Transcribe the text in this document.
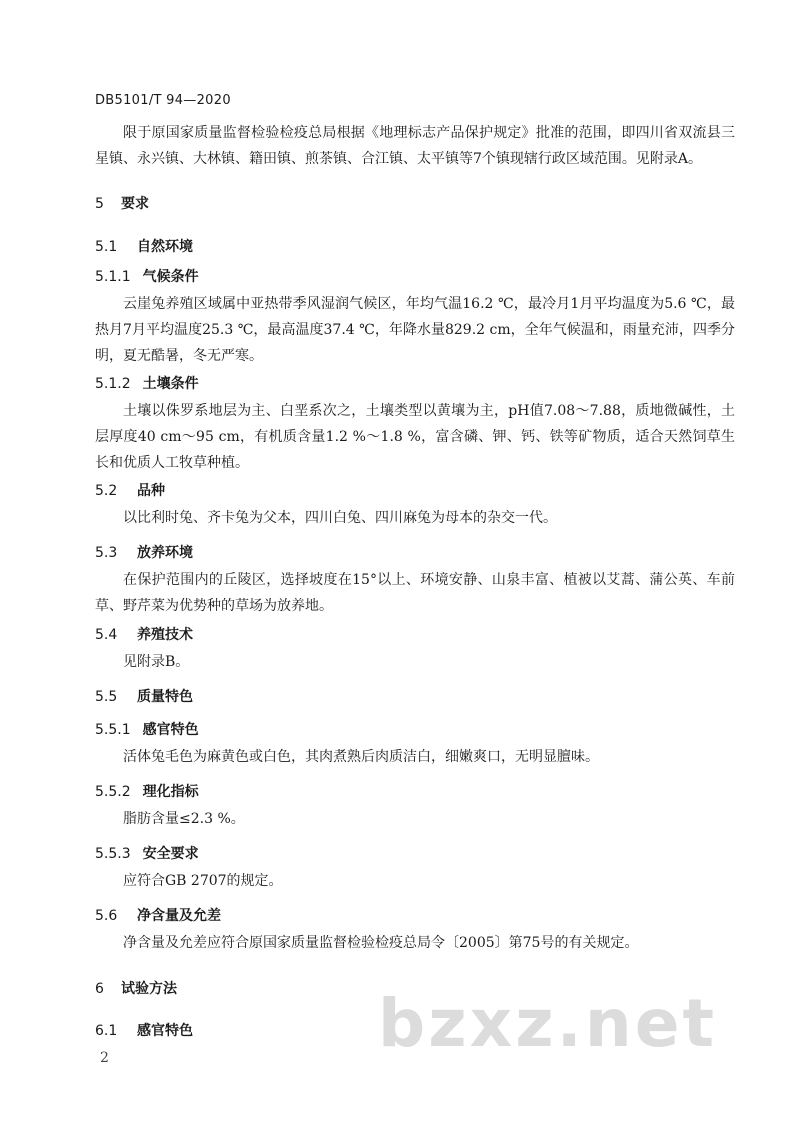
DB5101/T 94—2020
限于原国家质量监督检验检疫总局根据《地理标志产品保护规定》批准的范围，即四川省双流县三星镇、永兴镇、大林镇、籍田镇、煎茶镇、合江镇、太平镇等7个镇现辖行政区域范围。见附录A。
5 要求
5.1 自然环境
5.1.1 气候条件
云崖兔养殖区域属中亚热带季风湿润气候区，年均气温16.2 ℃，最冷月1月平均温度为5.6 ℃，最热月7月平均温度25.3 ℃，最高温度37.4 ℃，年降水量829.2 cm，全年气候温和，雨量充沛，四季分明，夏无酷暑，冬无严寒。
5.1.2 土壤条件
土壤以侏罗系地层为主、白垩系次之，土壤类型以黄壤为主，pH值7.08～7.88，质地微碱性，土层厚度40 cm～95 cm，有机质含量1.2 %～1.8 %，富含磷、钾、钙、铁等矿物质，适合天然饲草生长和优质人工牧草种植。
5.2 品种
以比利时兔、齐卡兔为父本，四川白兔、四川麻兔为母本的杂交一代。
5.3 放养环境
在保护范围内的丘陵区，选择坡度在15°以上、环境安静、山泉丰富、植被以艾蒿、蒲公英、车前草、野芹菜为优势种的草场为放养地。
5.4 养殖技术
见附录B。
5.5 质量特色
5.5.1 感官特色
活体兔毛色为麻黄色或白色，其肉煮熟后肉质洁白，细嫩爽口，无明显膻味。
5.5.2 理化指标
脂肪含量≤2.3 %。
5.5.3 安全要求
应符合GB 2707的规定。
5.6 净含量及允差
净含量及允差应符合原国家质量监督检验检疫总局令〔2005〕第75号的有关规定。
6 试验方法
6.1 感官特色	bzxz.net
2
